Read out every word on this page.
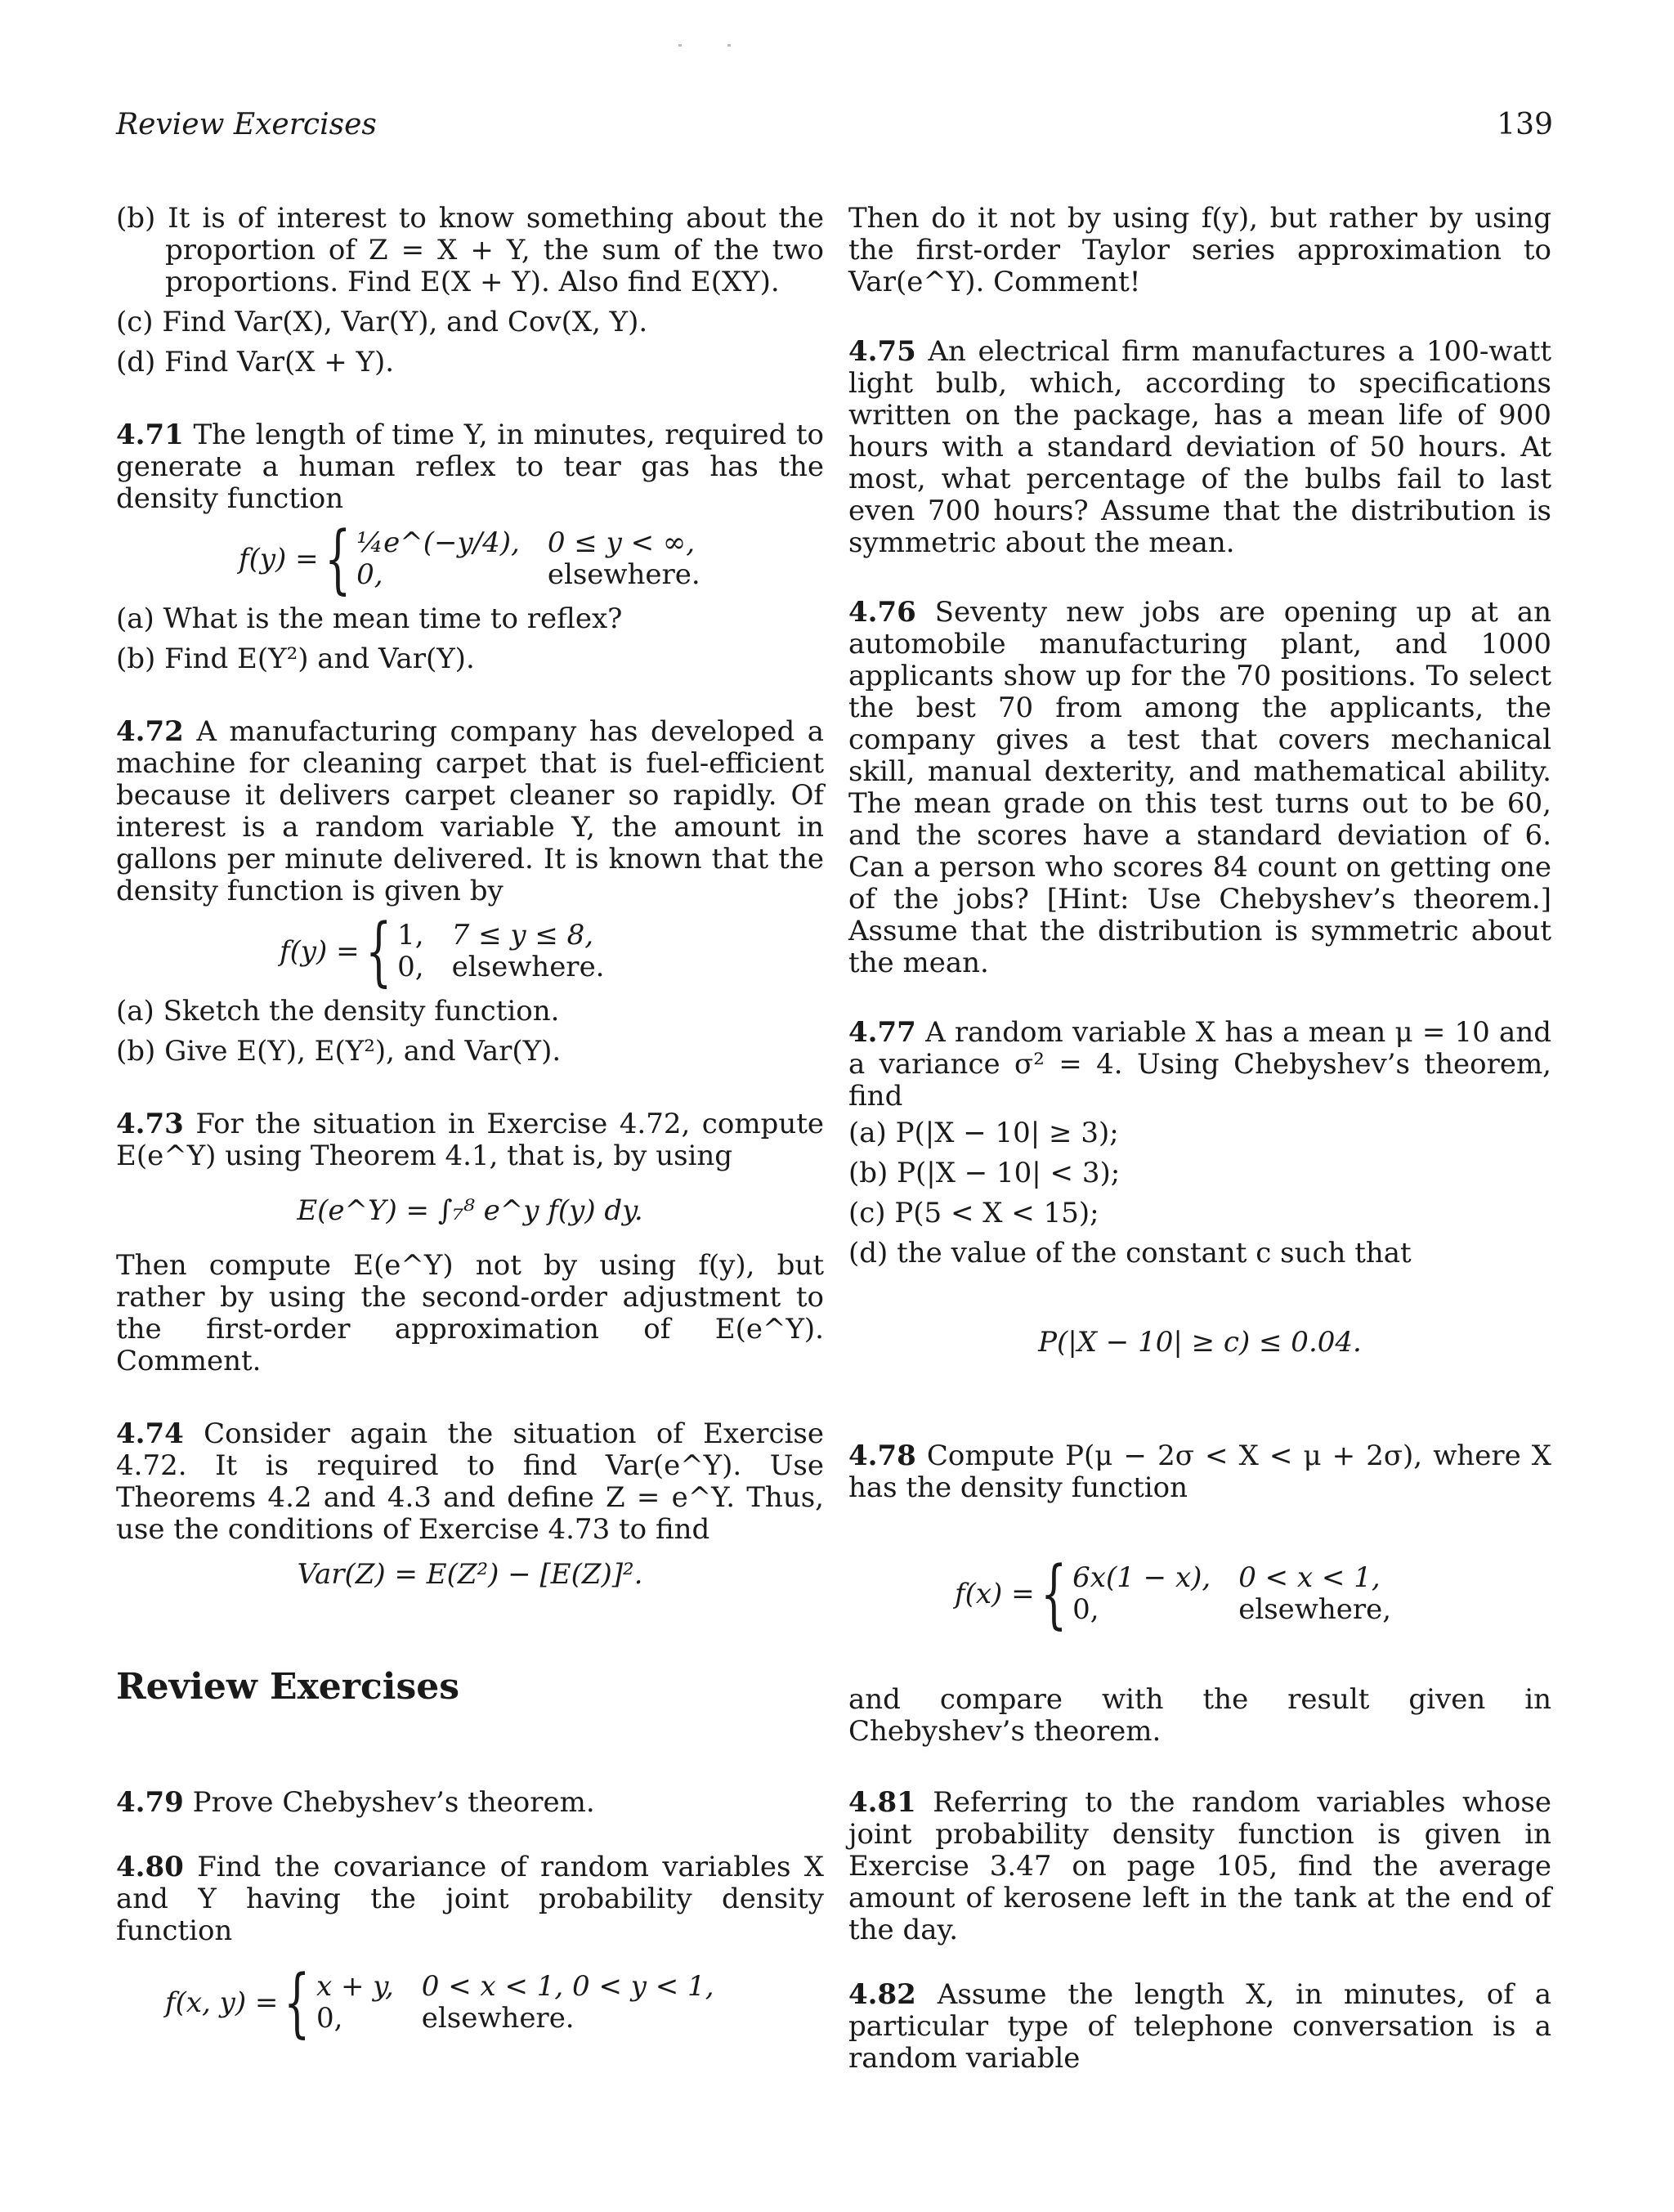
Review Exercises	139

(b) It is of interest to know something about the proportion of Z = X + Y, the sum of the two proportions. Find E(X + Y). Also find E(XY).

(c) Find Var(X), Var(Y), and Cov(X, Y).

(d) Find Var(X + Y).

4.71 The length of time Y, in minutes, required to generate a human reflex to tear gas has the density function

f(y) = { ¼e^(−y/4), 0 ≤ y < ∞,
0,	elsewhere.

(a) What is the mean time to reflex?

(b) Find E(Y²) and Var(Y).

4.72 A manufacturing company has developed a machine for cleaning carpet that is fuel-efficient because it delivers carpet cleaner so rapidly. Of interest is a random variable Y, the amount in gallons per minute delivered. It is known that the density function is given by

f(y) = { 1, 7 ≤ y ≤ 8,
0, elsewhere.

(a) Sketch the density function.

(b) Give E(Y), E(Y²), and Var(Y).

4.73 For the situation in Exercise 4.72, compute E(e^Y) using Theorem 4.1, that is, by using

E(e^Y) = ∫₇⁸ e^y f(y) dy.

Then compute E(e^Y) not by using f(y), but rather by using the second-order adjustment to the first-order approximation of E(e^Y). Comment.

4.74 Consider again the situation of Exercise 4.72. It is required to find Var(e^Y). Use Theorems 4.2 and 4.3 and define Z = e^Y. Thus, use the conditions of Exercise 4.73 to find

Var(Z) = E(Z²) − [E(Z)]².

Then do it not by using f(y), but rather by using the first-order Taylor series approximation to Var(e^Y). Comment!

4.75 An electrical firm manufactures a 100-watt light bulb, which, according to specifications written on the package, has a mean life of 900 hours with a standard deviation of 50 hours. At most, what percentage of the bulbs fail to last even 700 hours? Assume that the distribution is symmetric about the mean.

4.76 Seventy new jobs are opening up at an automobile manufacturing plant, and 1000 applicants show up for the 70 positions. To select the best 70 from among the applicants, the company gives a test that covers mechanical skill, manual dexterity, and mathematical ability. The mean grade on this test turns out to be 60, and the scores have a standard deviation of 6. Can a person who scores 84 count on getting one of the jobs? [Hint: Use Chebyshev’s theorem.] Assume that the distribution is symmetric about the mean.

4.77 A random variable X has a mean μ = 10 and a variance σ² = 4. Using Chebyshev’s theorem, find

(a) P(|X − 10| ≥ 3);

(b) P(|X − 10| < 3);

(c) P(5 < X < 15);

(d) the value of the constant c such that

P(|X − 10| ≥ c) ≤ 0.04.

4.78 Compute P(μ − 2σ < X < μ + 2σ), where X has the density function

f(x) = { 6x(1 − x), 0 < x < 1,
0,	elsewhere,

and compare with the result given in Chebyshev’s theorem.

Review Exercises

4.79 Prove Chebyshev’s theorem.

4.80 Find the covariance of random variables X and Y having the joint probability density function

f(x, y) = { x + y, 0 < x < 1, 0 < y < 1,
0,	elsewhere.

4.81 Referring to the random variables whose joint probability density function is given in Exercise 3.47 on page 105, find the average amount of kerosene left in the tank at the end of the day.

4.82 Assume the length X, in minutes, of a particular type of telephone conversation is a random variable
